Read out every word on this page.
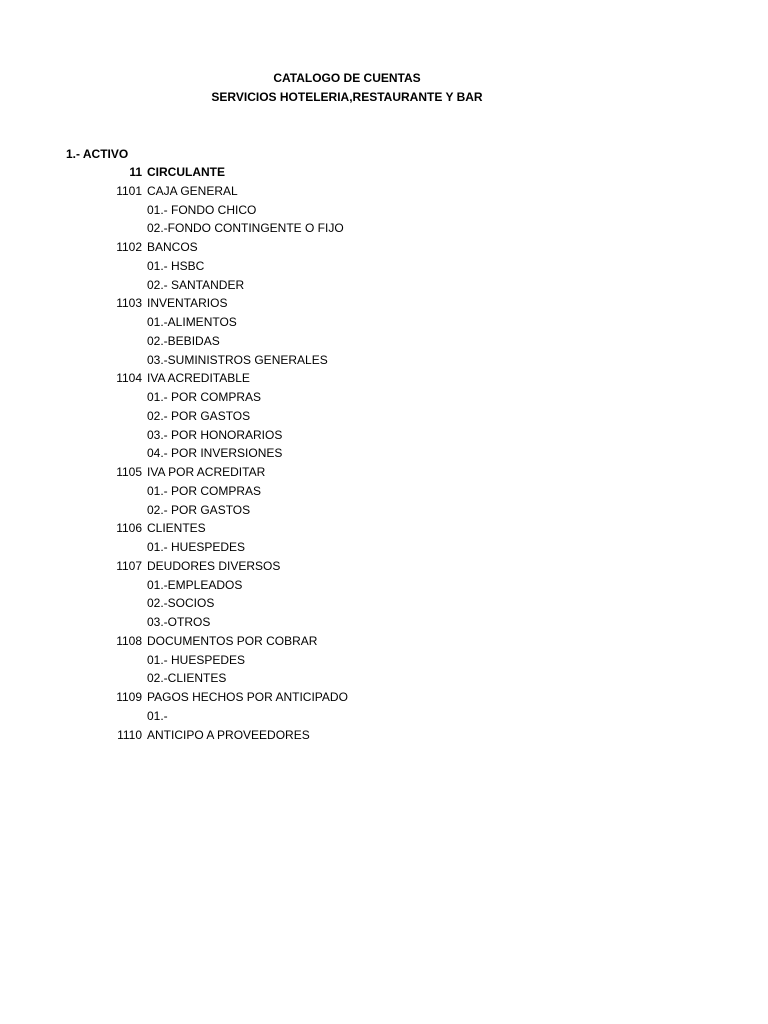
CATALOGO DE CUENTAS
SERVICIOS HOTELERIA,RESTAURANTE Y BAR
1.- ACTIVO
11 CIRCULANTE
1101 CAJA GENERAL
01.- FONDO CHICO
02.-FONDO CONTINGENTE O FIJO
1102 BANCOS
01.- HSBC
02.- SANTANDER
1103 INVENTARIOS
01.-ALIMENTOS
02.-BEBIDAS
03.-SUMINISTROS GENERALES
1104 IVA ACREDITABLE
01.- POR COMPRAS
02.- POR GASTOS
03.- POR HONORARIOS
04.- POR INVERSIONES
1105 IVA POR ACREDITAR
01.- POR COMPRAS
02.- POR GASTOS
1106 CLIENTES
01.- HUESPEDES
1107 DEUDORES DIVERSOS
01.-EMPLEADOS
02.-SOCIOS
03.-OTROS
1108 DOCUMENTOS POR COBRAR
01.- HUESPEDES
02.-CLIENTES
1109 PAGOS HECHOS POR ANTICIPADO
01.-
1110 ANTICIPO A PROVEEDORES
